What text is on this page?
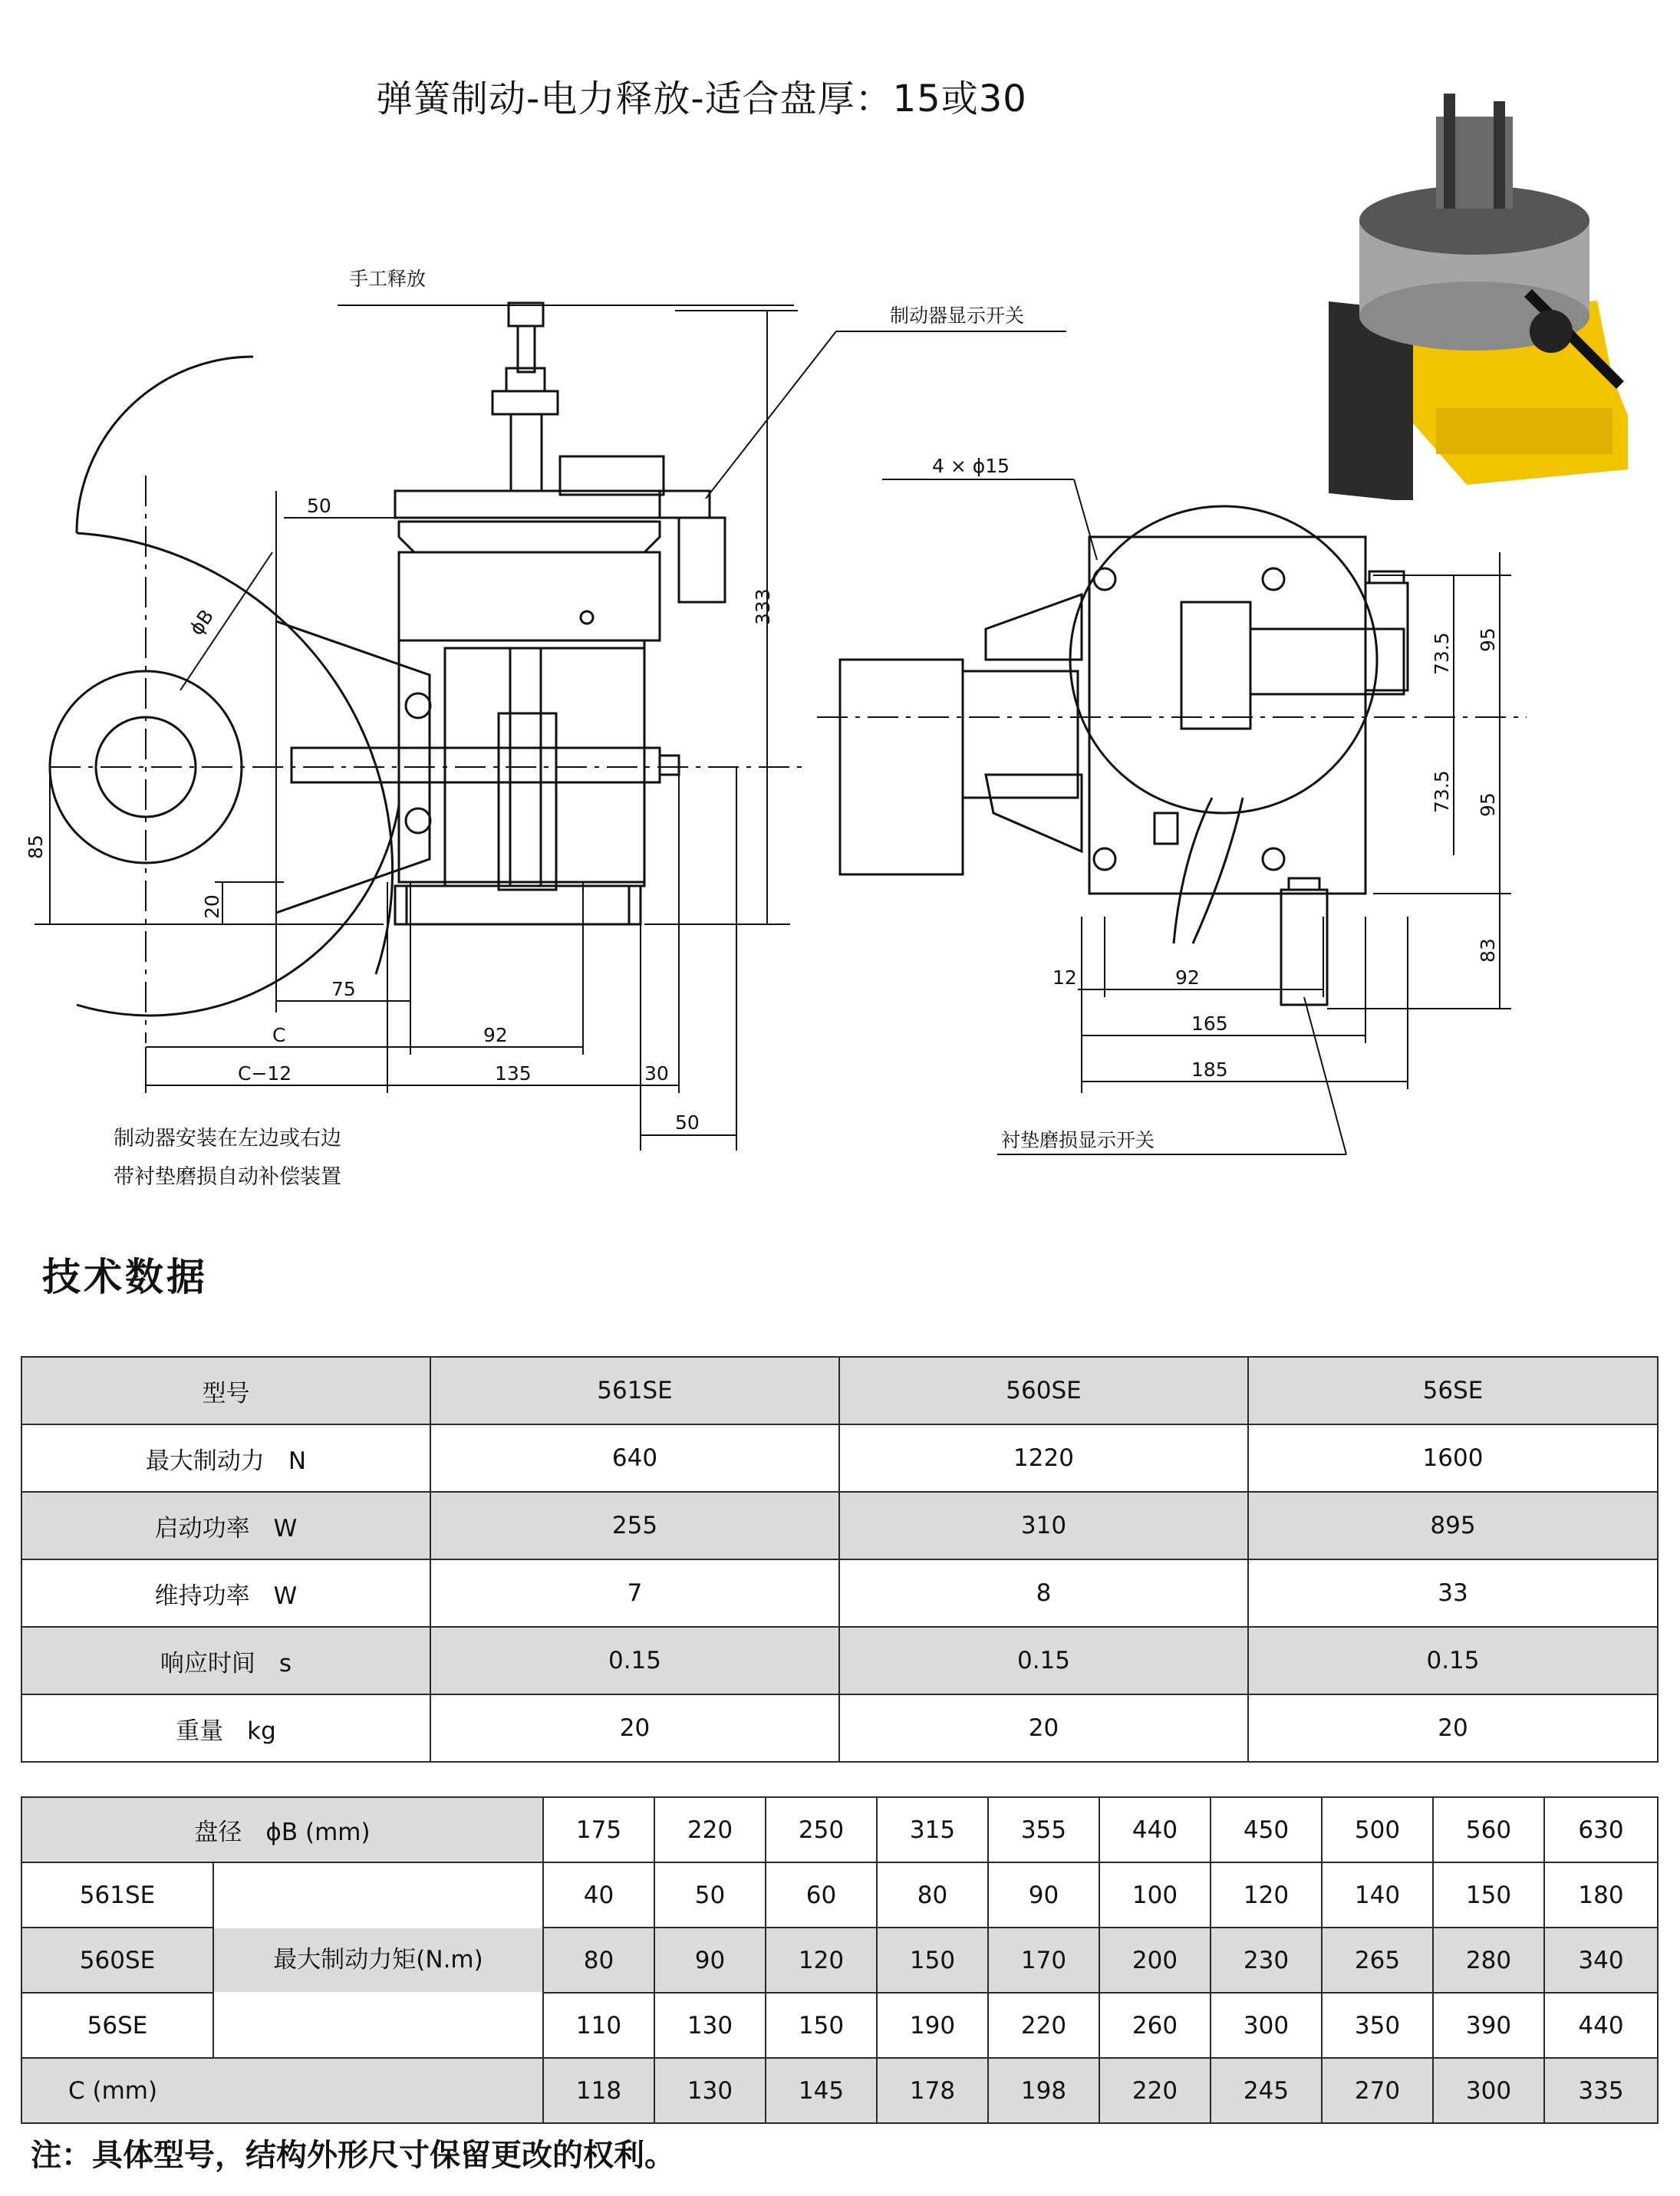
弹簧制动-电力释放-适合盘厚：15或30
手工释放
制动器显示开关
4 × ϕ15
ϕB
衬垫磨损显示开关
50
333
85
20
75
C	92
C−12	135	30
50
73.5
73.5
95
95
83
12	92
165
185
制动器安装在左边或右边
带衬垫磨损自动补偿装置
技术数据
型号	561SE	560SE	56SE
最大制动力　N	640	1220	1600
启动功率　W	255	310	895
维持功率　W	7	8	33
响应时间　s	0.15	0.15	0.15
重量　kg	20	20	20
盘径　ϕB (mm)		175	220	250	315	355	440	450	500	560	630
561SE	最大制动力矩(N.m)	40	50	60	80	90	100	120	140	150	180
560SE		80	90	120	150	170	200	230	265	280	340
56SE		110	130	150	190	220	260	300	350	390	440
C (mm)		118	130	145	178	198	220	245	270	300	335
注：具体型号，结构外形尺寸保留更改的权利。
